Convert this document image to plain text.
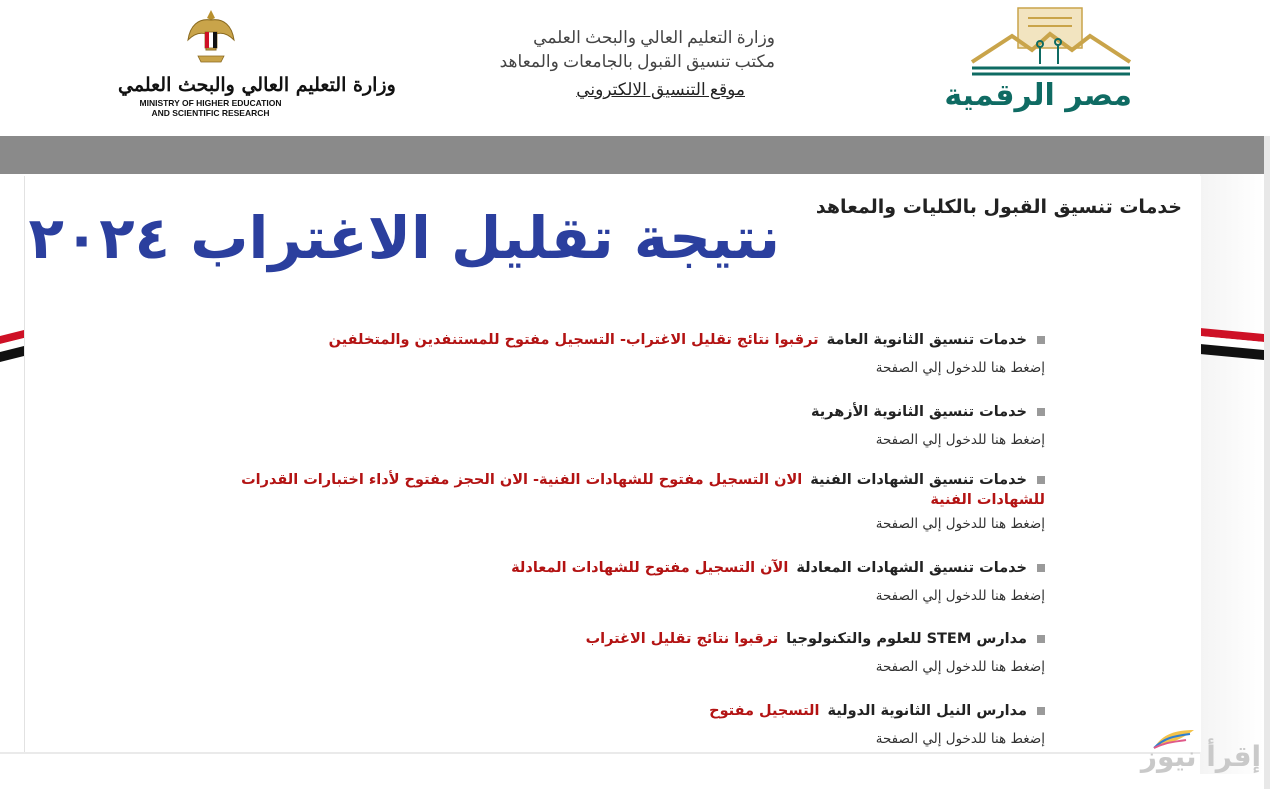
وزارة التعليم العالي والبحث العلمي
MINISTRY OF HIGHER EDUCATION
AND SCIENTIFIC RESEARCH
وزارة التعليم العالي والبحث العلمي
مكتب تنسيق القبول بالجامعات والمعاهد
موقع التنسيق الالكتروني	مصر الرقمية
خدمات تنسيق القبول بالكليات والمعاهد
نتيجة تقليل الاغتراب ٢٠٢٤
خدمات تنسيق الثانوية العامةترقبوا نتائج تقليل الاغتراب- التسجيل مفتوح للمستنفدين والمتخلفين
إضغط هنا للدخول إلي الصفحة
خدمات تنسيق الثانوية الأزهرية
إضغط هنا للدخول إلي الصفحة
خدمات تنسيق الشهادات الفنيةالان التسجيل مفتوح للشهادات الفنية- الان الحجز مفتوح لأداء اختبارات القدرات
للشهادات الفنية
إضغط هنا للدخول إلي الصفحة
خدمات تنسيق الشهادات المعادلةالآن التسجيل مفتوح للشهادات المعادلة
إضغط هنا للدخول إلي الصفحة
مدارس STEM للعلوم والتكنولوجياترقبوا نتائج تقليل الاغتراب
إضغط هنا للدخول إلي الصفحة
مدارس النيل الثانوية الدوليةالتسجيل مفتوح
إضغط هنا للدخول إلي الصفحة
إقرأ نيوز
